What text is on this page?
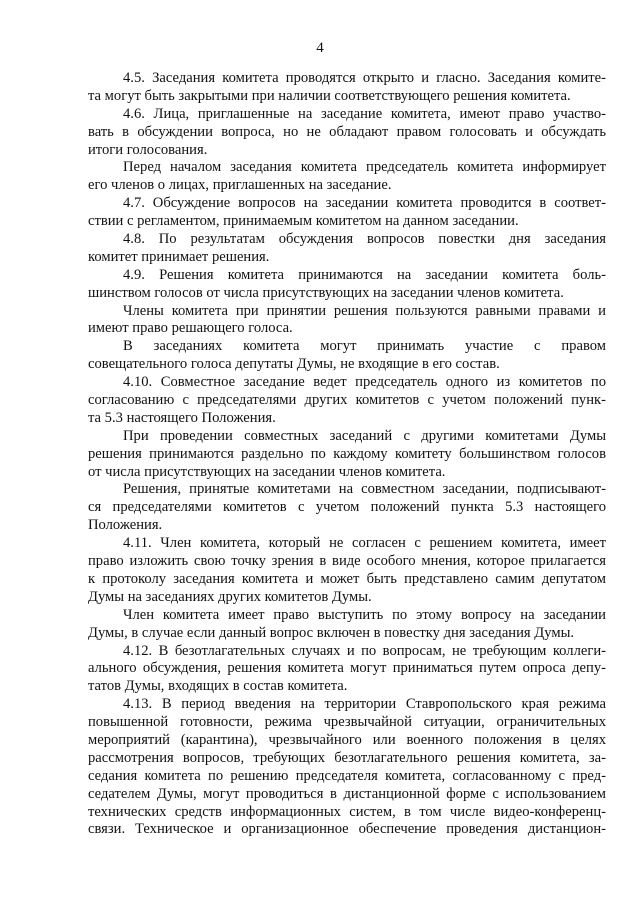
4
4.5. Заседания комитета проводятся открыто и гласно. Заседания комите-
та могут быть закрытыми при наличии соответствующего решения комитета.
4.6. Лица, приглашенные на заседание комитета, имеют право участво-
вать в обсуждении вопроса, но не обладают правом голосовать и обсуждать
итоги голосования.
Перед началом заседания комитета председатель комитета информирует
его членов о лицах, приглашенных на заседание.
4.7. Обсуждение вопросов на заседании комитета проводится в соответ-
ствии с регламентом, принимаемым комитетом на данном заседании.
4.8. По результатам обсуждения вопросов повестки дня заседания
комитет принимает решения.
4.9. Решения комитета принимаются на заседании комитета боль-
шинством голосов от числа присутствующих на заседании членов комитета.
Члены комитета при принятии решения пользуются равными правами и
имеют право решающего голоса.
В заседаниях комитета могут принимать участие с правом
совещательного голоса депутаты Думы, не входящие в его состав.
4.10. Совместное заседание ведет председатель одного из комитетов по
согласованию с председателями других комитетов с учетом положений пунк-
та 5.3 настоящего Положения.
При проведении совместных заседаний с другими комитетами Думы
решения принимаются раздельно по каждому комитету большинством голосов
от числа присутствующих на заседании членов комитета.
Решения, принятые комитетами на совместном заседании, подписывают-
ся председателями комитетов с учетом положений пункта 5.3 настоящего
Положения.
4.11. Член комитета, который не согласен с решением комитета, имеет
право изложить свою точку зрения в виде особого мнения, которое прилагается
к протоколу заседания комитета и может быть представлено самим депутатом
Думы на заседаниях других комитетов Думы.
Член комитета имеет право выступить по этому вопросу на заседании
Думы, в случае если данный вопрос включен в повестку дня заседания Думы.
4.12. В безотлагательных случаях и по вопросам, не требующим коллеги-
ального обсуждения, решения комитета могут приниматься путем опроса депу-
татов Думы, входящих в состав комитета.
4.13. В период введения на территории Ставропольского края режима
повышенной готовности, режима чрезвычайной ситуации, ограничительных
мероприятий (карантина), чрезвычайного или военного положения в целях
рассмотрения вопросов, требующих безотлагательного решения комитета, за-
седания комитета по решению председателя комитета, согласованному с пред-
седателем Думы, могут проводиться в дистанционной форме с использованием
технических средств информационных систем, в том числе видео-конференц-
связи. Техническое и организационное обеспечение проведения дистанцион-
